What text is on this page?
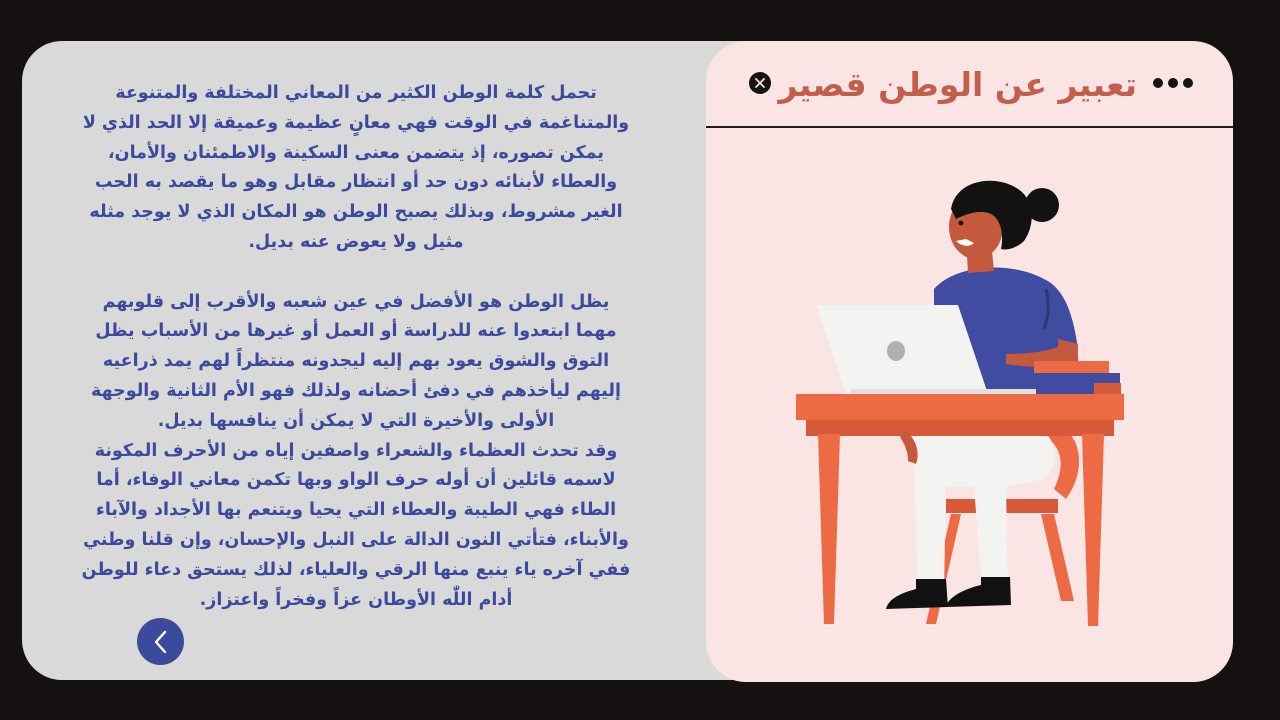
تحمل كلمة الوطن الكثير من المعاني المختلفة والمتنوعة والمتناغمة في الوقت فهي معانٍ عظيمة وعميقة إلا الحد الذي لا يمكن تصوره، إذ يتضمن معنى السكينة والاطمئنان والأمان، والعطاء لأبنائه دون حد أو انتظار مقابل وهو ما يقصد به الحب الغير مشروط، وبذلك يصبح الوطن هو المكان الذي لا يوجد مثله مثيل ولا يعوض عنه بديل.

يظل الوطن هو الأفضل في عين شعبه والأقرب إلى قلوبهم مهما ابتعدوا عنه للدراسة أو العمل أو غيرها من الأسباب يظل التوق والشوق يعود بهم إليه ليجدونه منتظراً لهم يمد ذراعيه إليهم ليأخذهم في دفئ أحضانه ولذلك فهو الأم الثانية والوجهة الأولى والأخيرة التي لا يمكن أن ينافسها بديل.

وقد تحدث العظماء والشعراء واصفين إياه من الأحرف المكونة لاسمه قائلين أن أوله حرف الواو وبها تكمن معاني الوفاء، أما الطاء فهي الطيبة والعطاء التي يحيا ويتنعم بها الأجداد والآباء والأبناء، فتأتي النون الدالة على النبل والإحسان، وإن قلنا وطني ففي آخره ياء ينبع منها الرقي والعلياء، لذلك يستحق دعاء للوطن أدام اللّٰه الأوطان عزاً وفخراً واعتزاز.

تعبير عن الوطن قصير
